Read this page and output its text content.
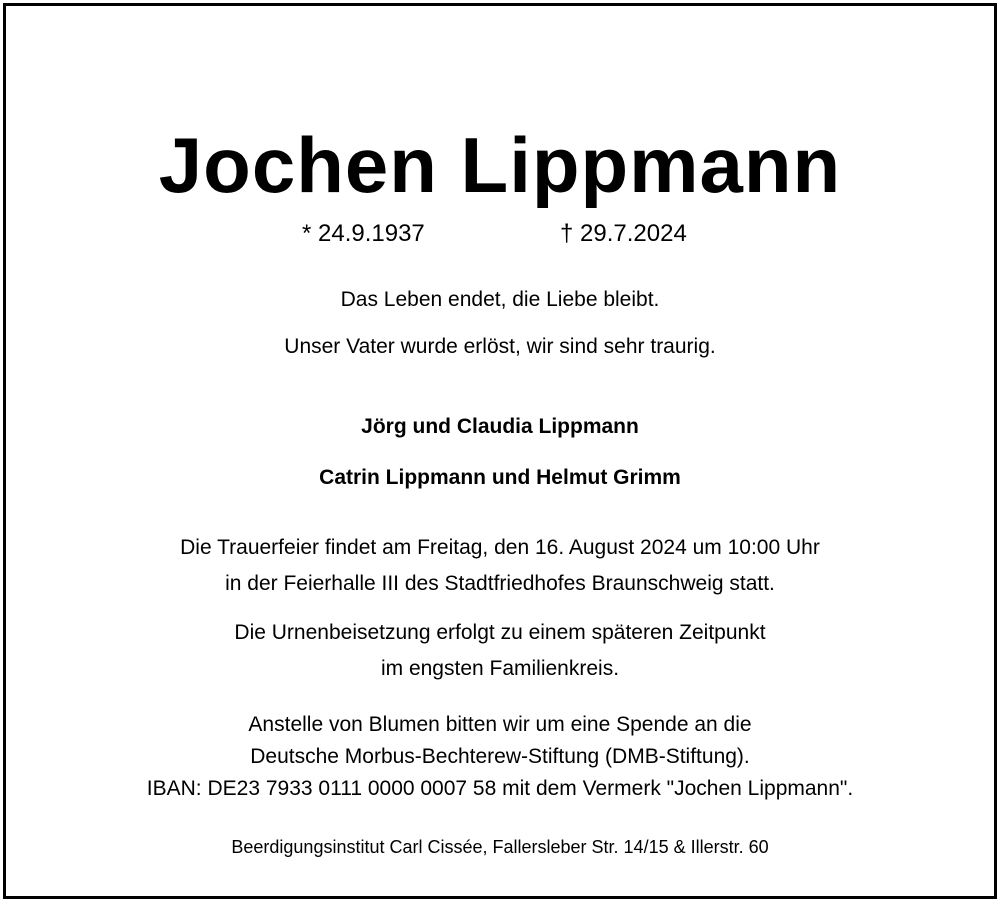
Jochen Lippmann
* 24.9.1937	† 29.7.2024
Das Leben endet, die Liebe bleibt.
Unser Vater wurde erlöst, wir sind sehr traurig.
Jörg und Claudia Lippmann
Catrin Lippmann und Helmut Grimm
Die Trauerfeier findet am Freitag, den 16. August 2024 um 10:00 Uhr
in der Feierhalle III des Stadtfriedhofes Braunschweig statt.
Die Urnenbeisetzung erfolgt zu einem späteren Zeitpunkt
im engsten Familienkreis.
Anstelle von Blumen bitten wir um eine Spende an die
Deutsche Morbus-Bechterew-Stiftung (DMB-Stiftung).
IBAN: DE23 7933 0111 0000 0007 58 mit dem Vermerk "Jochen Lippmann".
Beerdigungsinstitut Carl Cissée, Fallersleber Str. 14/15 & Illerstr. 60
